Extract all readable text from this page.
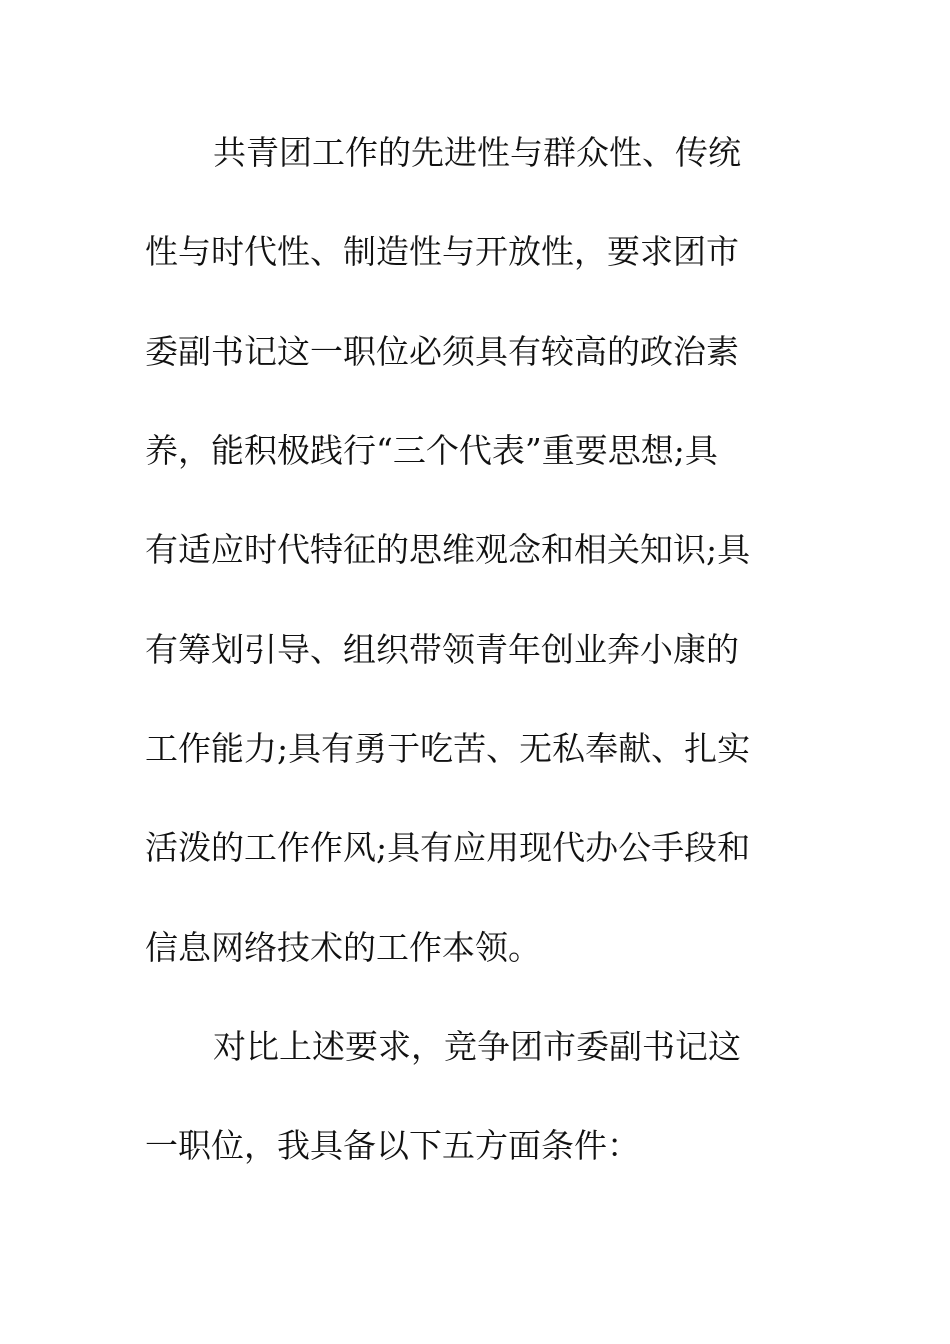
共青团工作的先进性与群众性、传统

性与时代性、制造性与开放性，要求团市

委副书记这一职位必须具有较高的政治素

养，能积极践行“三个代表”重要思想;具

有适应时代特征的思维观念和相关知识;具

有筹划引导、组织带领青年创业奔小康的

工作能力;具有勇于吃苦、无私奉献、扎实

活泼的工作作风;具有应用现代办公手段和

信息网络技术的工作本领。

对比上述要求，竞争团市委副书记这

一职位，我具备以下五方面条件：
